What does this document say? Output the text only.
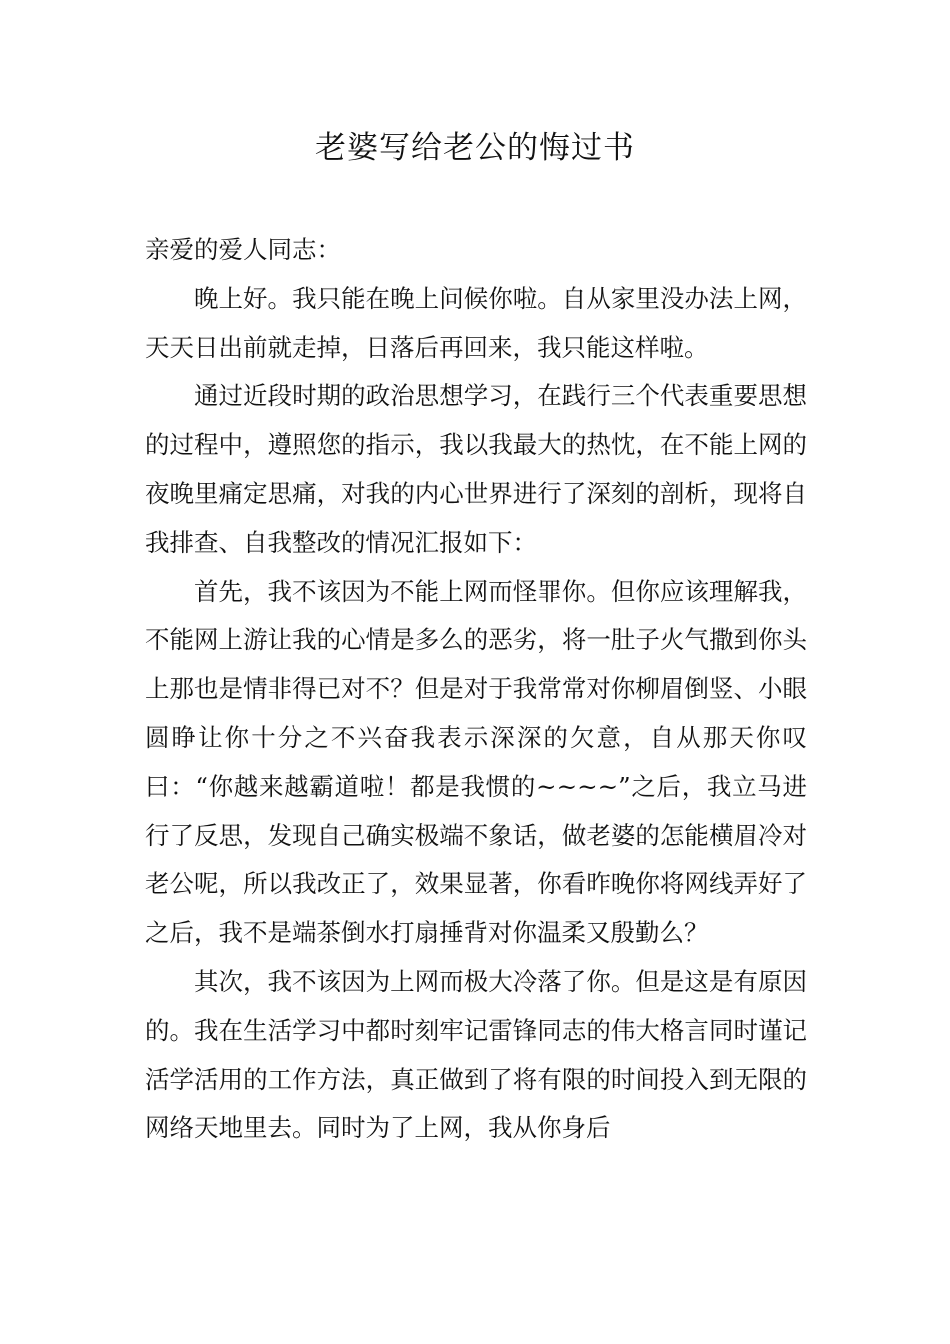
老婆写给老公的悔过书

亲爱的爱人同志：

晚上好。我只能在晚上问候你啦。自从家里没办法上网，天天日出前就走掉，日落后再回来，我只能这样啦。

通过近段时期的政治思想学习，在践行三个代表重要思想的过程中，遵照您的指示，我以我最大的热忱，在不能上网的夜晚里痛定思痛，对我的内心世界进行了深刻的剖析，现将自我排查、自我整改的情况汇报如下：

首先，我不该因为不能上网而怪罪你。但你应该理解我，不能网上游让我的心情是多么的恶劣，将一肚子火气撒到你头上那也是情非得已对不？但是对于我常常对你柳眉倒竖、小眼圆睁让你十分之不兴奋我表示深深的欠意，自从那天你叹曰：“你越来越霸道啦！都是我惯的~~~~”之后，我立马进行了反思，发现自己确实极端不象话，做老婆的怎能横眉冷对老公呢，所以我改正了，效果显著，你看昨晚你将网线弄好了之后，我不是端茶倒水打扇捶背对你温柔又殷勤么？

其次，我不该因为上网而极大冷落了你。但是这是有原因的。我在生活学习中都时刻牢记雷锋同志的伟大格言同时谨记活学活用的工作方法，真正做到了将有限的时间投入到无限的网络天地里去。同时为了上网，我从你身后
